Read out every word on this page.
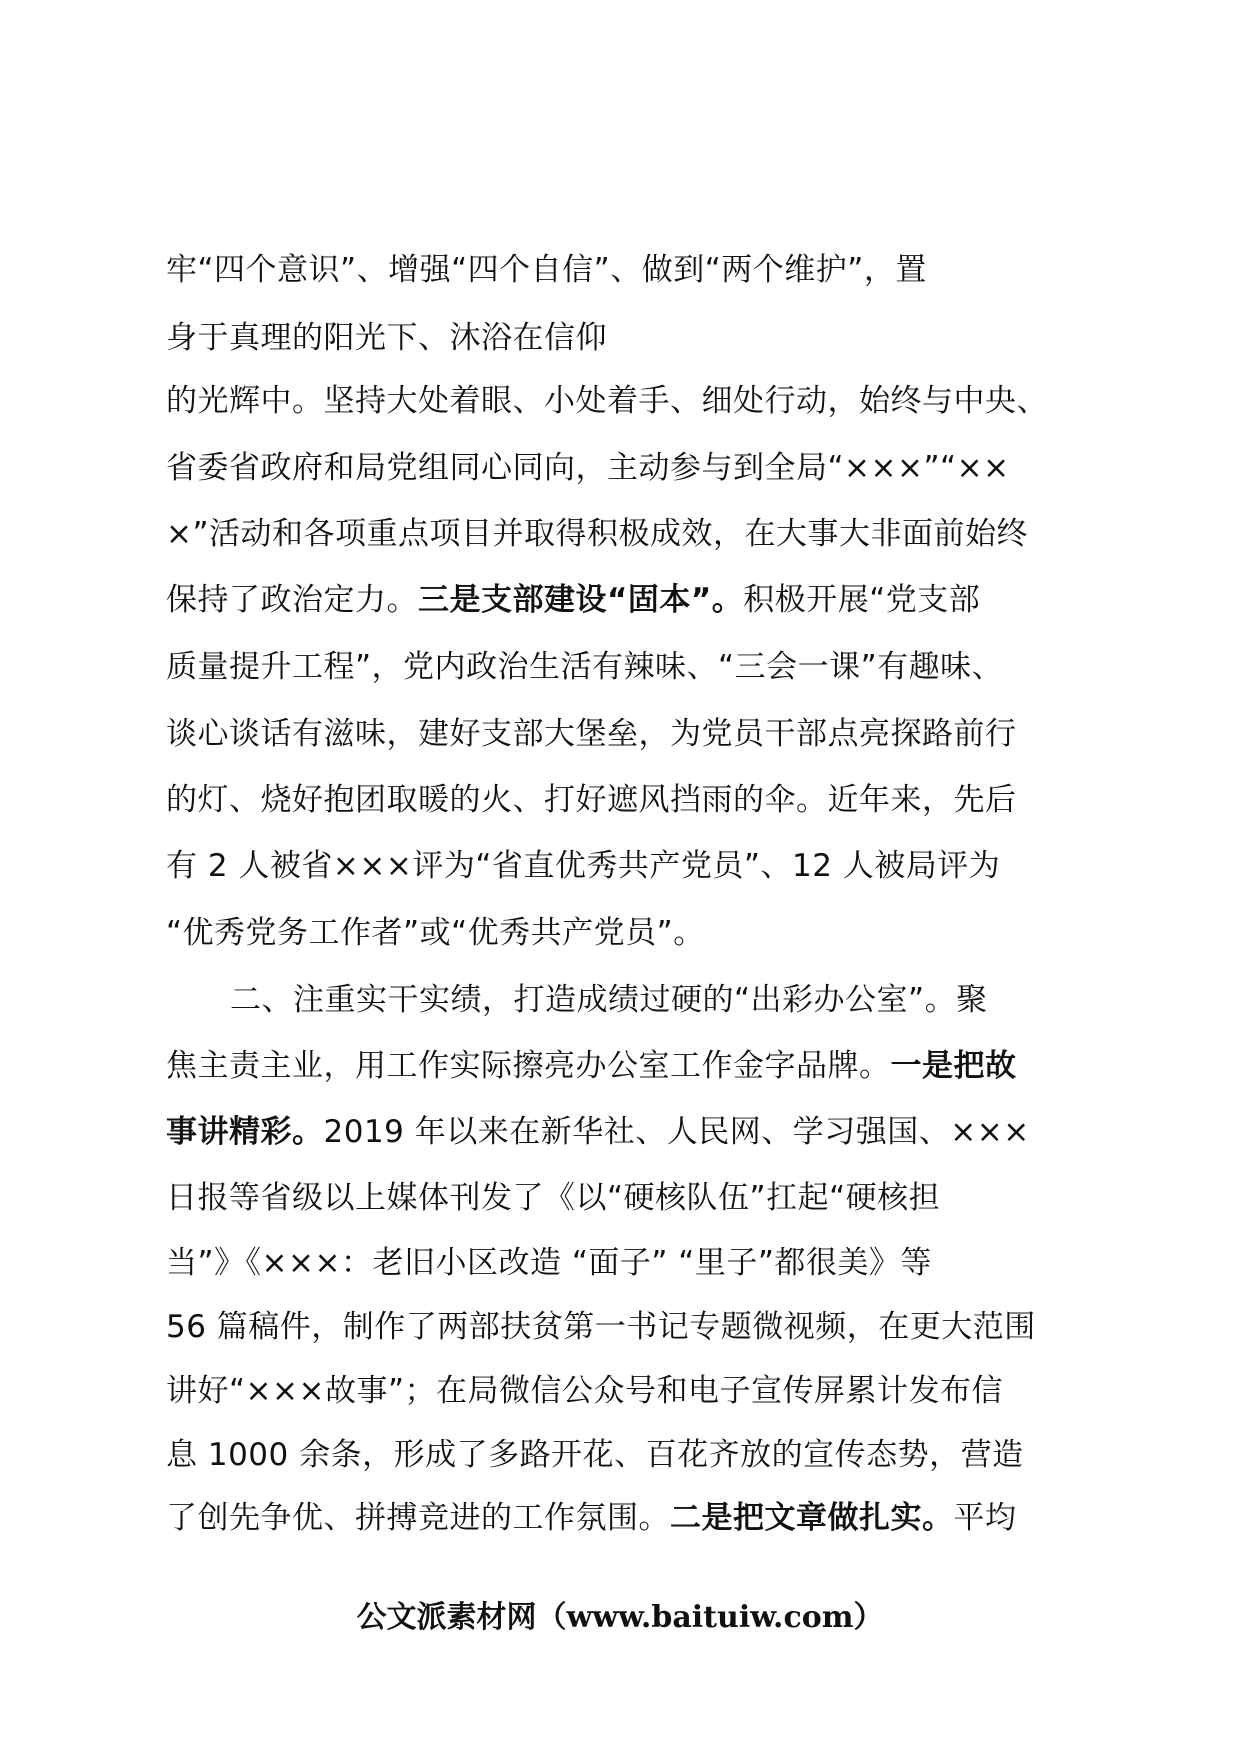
牢“四个意识”、增强“四个自信”、做到“两个维护”，置
身于真理的阳光下、沐浴在信仰
的光辉中。坚持大处着眼、小处着手、细处行动，始终与中央、
省委省政府和局党组同心同向，主动参与到全局“×××”“××
×”活动和各项重点项目并取得积极成效，在大事大非面前始终
保持了政治定力。三是支部建设“固本”。积极开展“党支部
质量提升工程”，党内政治生活有辣味、“三会一课”有趣味、
谈心谈话有滋味，建好支部大堡垒，为党员干部点亮探路前行
的灯、烧好抱团取暖的火、打好遮风挡雨的伞。近年来，先后
有 2 人被省×××评为“省直优秀共产党员”、12 人被局评为
“优秀党务工作者”或“优秀共产党员”。
二、注重实干实绩，打造成绩过硬的“出彩办公室”。聚
焦主责主业，用工作实际擦亮办公室工作金字品牌。一是把故
事讲精彩。2019 年以来在新华社、人民网、学习强国、×××
日报等省级以上媒体刊发了《以“硬核队伍”扛起“硬核担
当”》《×××：老旧小区改造 “面子” “里子”都很美》等
56 篇稿件，制作了两部扶贫第一书记专题微视频，在更大范围
讲好“×××故事”；在局微信公众号和电子宣传屏累计发布信
息 1000 余条，形成了多路开花、百花齐放的宣传态势，营造
了创先争优、拼搏竞进的工作氛围。二是把文章做扎实。平均
公文派素材网（www.baituiw.com）
